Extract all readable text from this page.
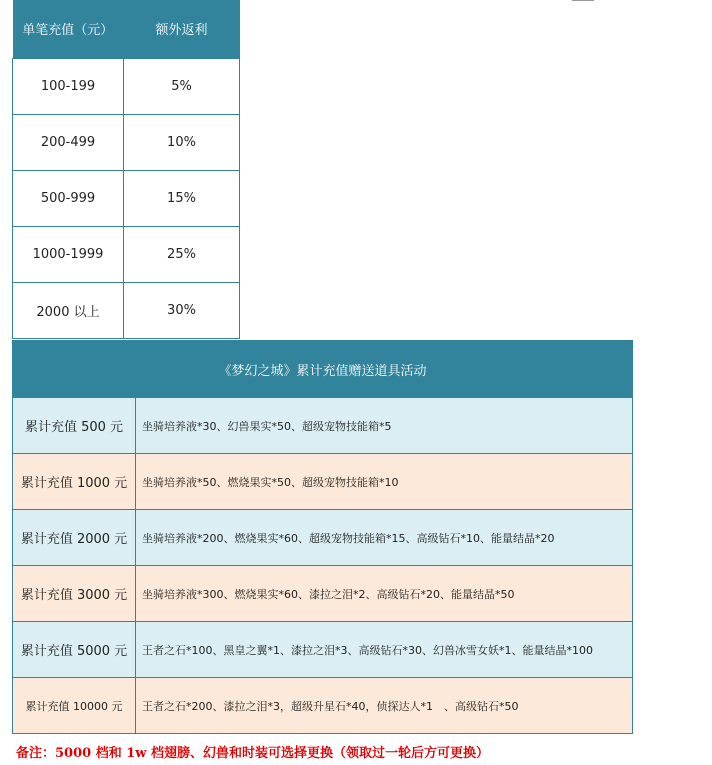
单笔充值（元）	额外返利

100-199	5%
200-499	10%
500-999	15%
1000-1999	25%
2000 以上	30%
《梦幻之城》累计充值赠送道具活动	
累计充值 500 元	坐骑培养液*30、幻兽果实*50、超级宠物技能箱*5
累计充值 1000 元	坐骑培养液*50、燃烧果实*50、超级宠物技能箱*10
累计充值 2000 元	坐骑培养液*200、燃烧果实*60、超级宠物技能箱*15、高级钻石*10、能量结晶*20
累计充值 3000 元	坐骑培养液*300、燃烧果实*60、漆拉之泪*2、高级钻石*20、能量结晶*50
累计充值 5000 元	王者之石*100、黑皇之翼*1、漆拉之泪*3、高级钻石*30、幻兽冰雪女妖*1、能量结晶*100
累计充值 10000 元	王者之石*200、漆拉之泪*3，超级升星石*40，侦探达人*1　、高级钻石*50
备注：5000 档和 1w 档翅膀、幻兽和时装可选择更换（领取过一轮后方可更换）
